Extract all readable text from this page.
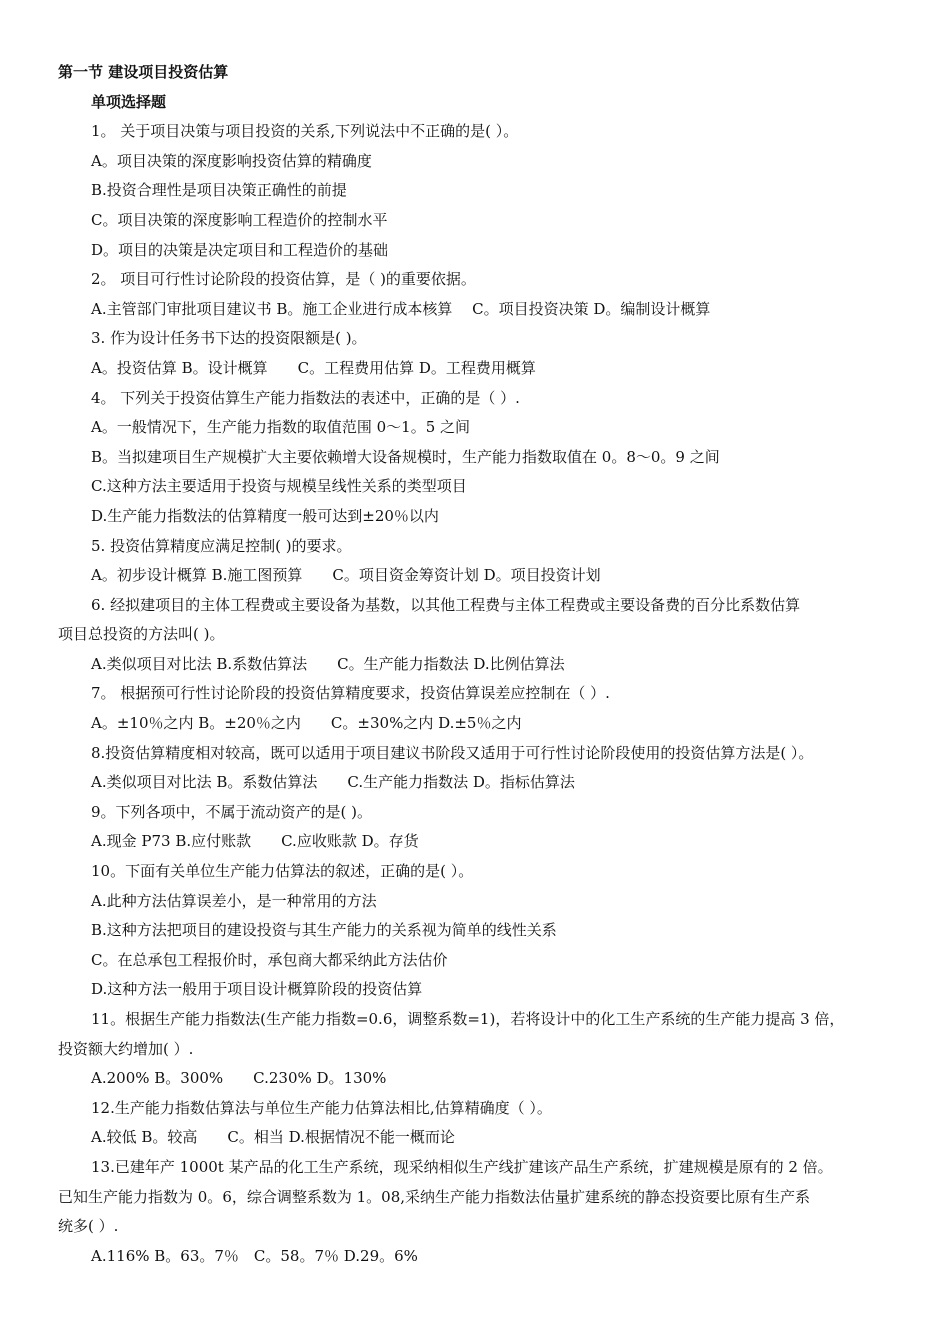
第一节 建设项目投资估算
单项选择题
1。 关于项目决策与项目投资的关系,下列说法中不正确的是( ）。
A。项目决策的深度影响投资估算的精确度
B.投资合理性是项目决策正确性的前提
C。项目决策的深度影响工程造价的控制水平
D。项目的决策是决定项目和工程造价的基础
2。 项目可行性讨论阶段的投资估算，是（ )的重要依据。
A.主管部门审批项目建议书 B。施工企业进行成本核算　 C。项目投资决策 D。编制设计概算
3. 作为设计任务书下达的投资限额是( )。
A。投资估算 B。设计概算　　C。工程费用估算 D。工程费用概算
4。 下列关于投资估算生产能力指数法的表述中，正确的是（ ）.
A。一般情况下，生产能力指数的取值范围 0～1。5 之间
B。当拟建项目生产规模扩大主要依赖增大设备规模时，生产能力指数取值在 0。8～0。9 之间
C.这种方法主要适用于投资与规模呈线性关系的类型项目
D.生产能力指数法的估算精度一般可达到±20％以内
5. 投资估算精度应满足控制( )的要求。
A。初步设计概算 B.施工图预算　　C。项目资金筹资计划 D。项目投资计划
6. 经拟建项目的主体工程费或主要设备为基数，以其他工程费与主体工程费或主要设备费的百分比系数估算
项目总投资的方法叫( )。
A.类似项目对比法 B.系数估算法　　C。生产能力指数法 D.比例估算法
7。 根据预可行性讨论阶段的投资估算精度要求，投资估算误差应控制在（ ）.
A。±10％之内 B。±20％之内　　C。±30%之内 D.±5％之内
8.投资估算精度相对较高，既可以适用于项目建议书阶段又适用于可行性讨论阶段使用的投资估算方法是( ）。
A.类似项目对比法 B。系数估算法　　C.生产能力指数法 D。指标估算法
9。下列各项中，不属于流动资产的是( )。
A.现金 P73 B.应付账款　　C.应收账款 D。存货
10。下面有关单位生产能力估算法的叙述，正确的是( ）。
A.此种方法估算误差小，是一种常用的方法
B.这种方法把项目的建设投资与其生产能力的关系视为简单的线性关系
C。在总承包工程报价时，承包商大都采纳此方法估价
D.这种方法一般用于项目设计概算阶段的投资估算
11。根据生产能力指数法(生产能力指数=0.6，调整系数=1)，若将设计中的化工生产系统的生产能力提高 3 倍，
投资额大约增加( ）.
A.200% B。300%　　C.230% D。130%
12.生产能力指数估算法与单位生产能力估算法相比,估算精确度（ ）。
A.较低 B。较高　　C。相当 D.根据情况不能一概而论
13.已建年产 1000t 某产品的化工生产系统，现采纳相似生产线扩建该产品生产系统，扩建规模是原有的 2 倍。
已知生产能力指数为 0。6，综合调整系数为 1。08,采纳生产能力指数法估量扩建系统的静态投资要比原有生产系
统多( ）.
A.116% B。63。7％　C。58。7％ D.29。6%
